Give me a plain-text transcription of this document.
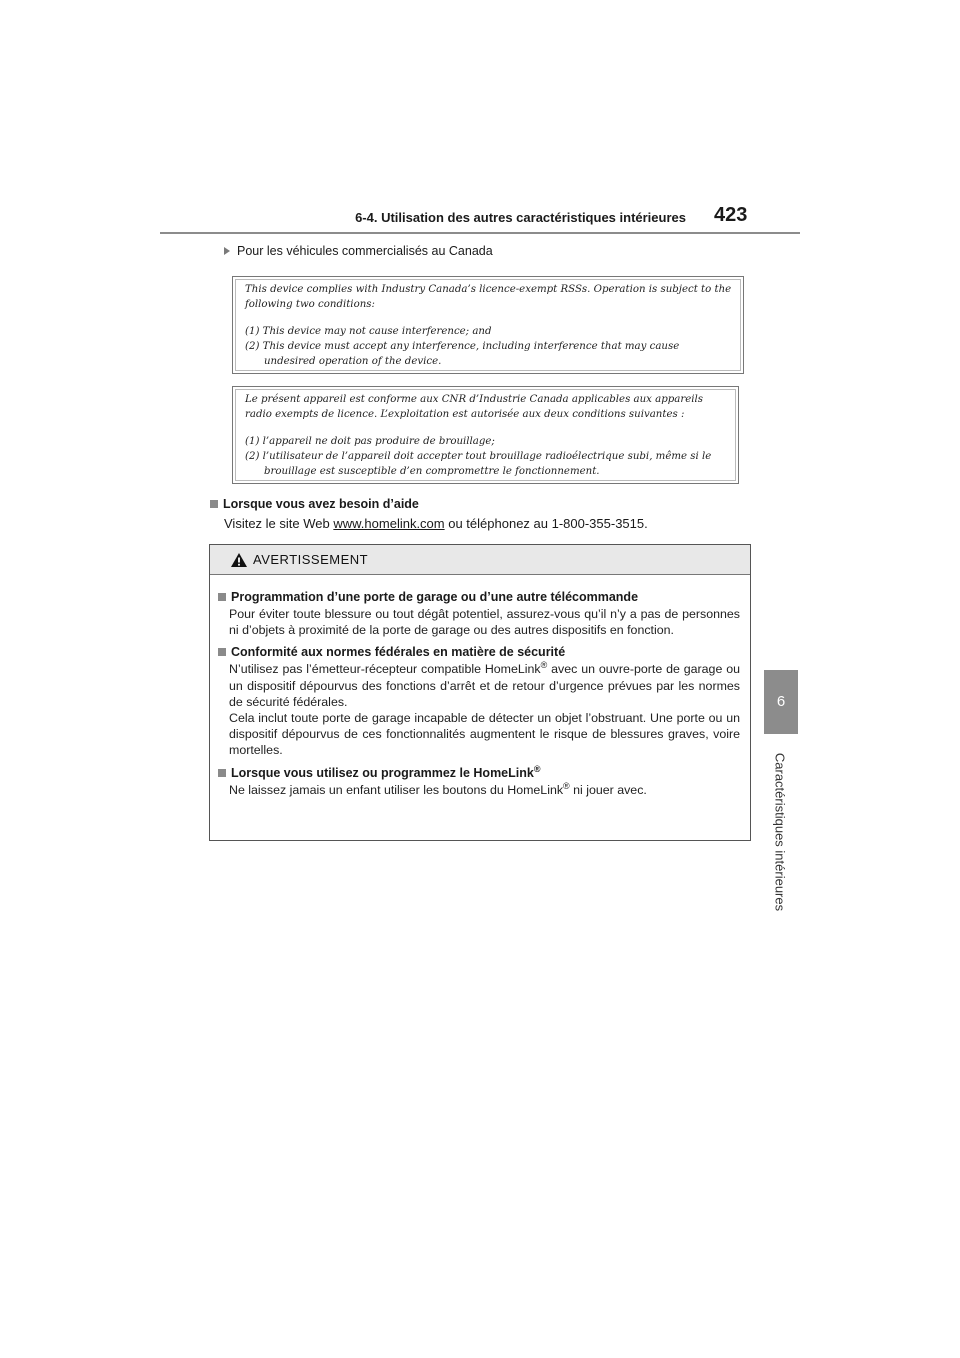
6-4. Utilisation des autres caractéristiques intérieures 423
6
Caractéristiques intérieures
Pour les véhicules commercialisés au Canada

This device complies with Industry Canada’s licence-exempt RSSs. Operation is subject to the following two conditions:

(1) This device may not cause interference; and

(2) This device must accept any interference, including interference that may cause undesired operation of the device.

Le présent appareil est conforme aux CNR d’Industrie Canada applicables aux appareils radio exempts de licence. L’exploitation est autorisée aux deux conditions suivantes :

(1) l’appareil ne doit pas produire de brouillage;

(2) l’utilisateur de l’appareil doit accepter tout brouillage radioélectrique subi, même si le brouillage est susceptible d’en compromettre le fonctionnement.

Lorsque vous avez besoin d’aide
Visitez le site Web www.homelink.com ou téléphonez au 1-800-355-3515.
AVERTISSEMENT
Programmation d’une porte de garage ou d’une autre télécommande
Pour éviter toute blessure ou tout dégât potentiel, assurez-vous qu’il n’y a pas de personnes ni d’objets à proximité de la porte de garage ou des autres dispositifs en fonction.
Conformité aux normes fédérales en matière de sécurité
N’utilisez pas l’émetteur-récepteur compatible HomeLink® avec un ouvre-porte de garage ou un dispositif dépourvus des fonctions d’arrêt et de retour d’urgence prévues par les normes de sécurité fédérales.
Cela inclut toute porte de garage incapable de détecter un objet l’obstruant. Une porte ou un dispositif dépourvus de ces fonctionnalités augmentent le risque de blessures graves, voire mortelles.
Lorsque vous utilisez ou programmez le HomeLink®
Ne laissez jamais un enfant utiliser les boutons du HomeLink® ni jouer avec.
